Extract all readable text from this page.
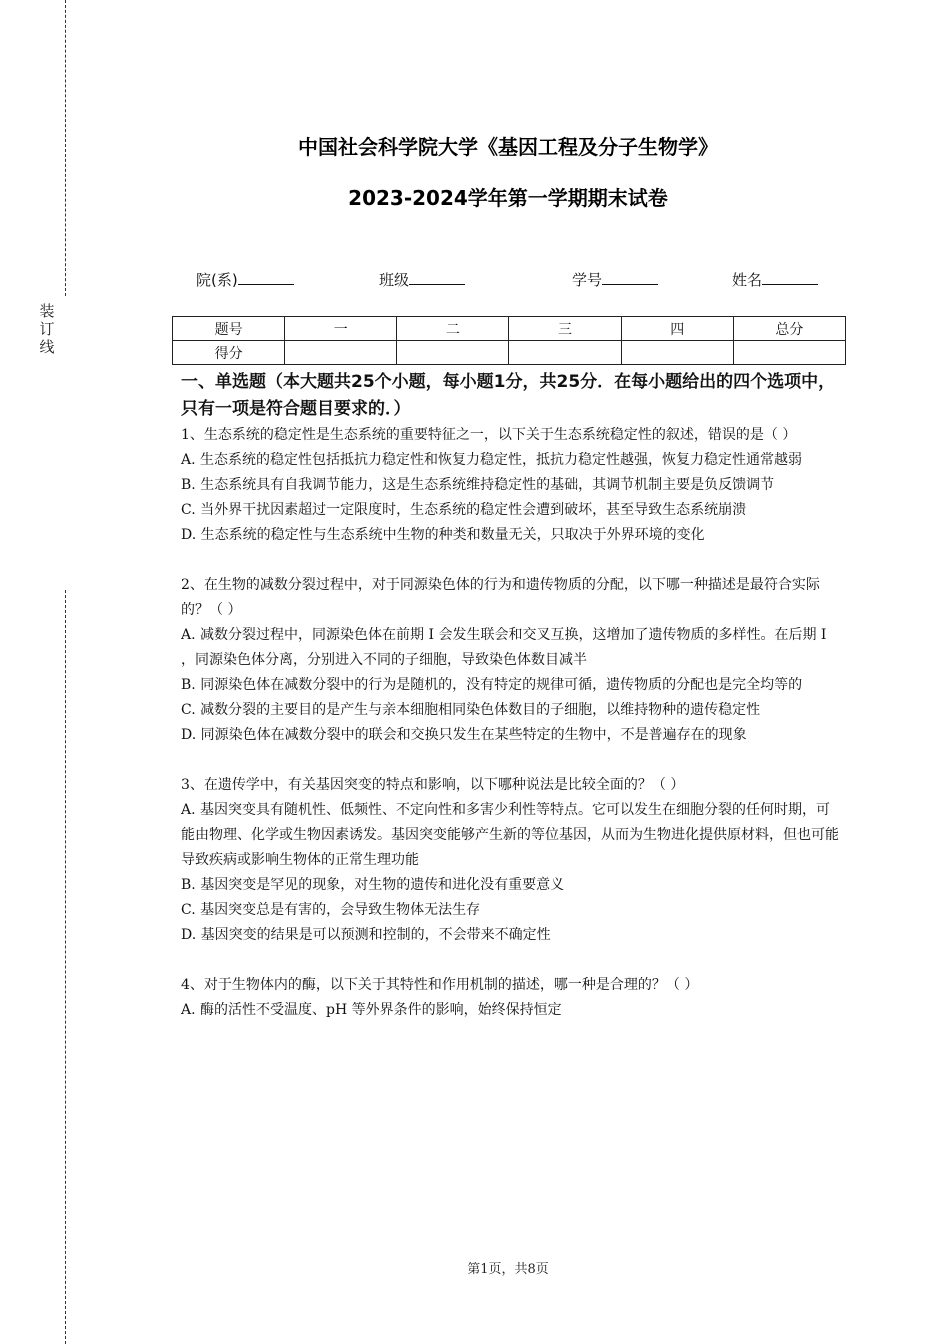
装
订
线
中国社会科学院大学《基因工程及分子生物学》
2023-2024学年第一学期期末试卷
院(系)	班级	学号	姓名
题号	一	二	三	四	总分
得分					

一、单选题（本大题共25个小题，每小题1分，共25分．在每小题给出的四个选项中，只有一项是符合题目要求的．）

1、生态系统的稳定性是生态系统的重要特征之一，以下关于生态系统稳定性的叙述，错误的是（ ）

A. 生态系统的稳定性包括抵抗力稳定性和恢复力稳定性，抵抗力稳定性越强，恢复力稳定性通常越弱

B. 生态系统具有自我调节能力，这是生态系统维持稳定性的基础，其调节机制主要是负反馈调节

C. 当外界干扰因素超过一定限度时，生态系统的稳定性会遭到破坏，甚至导致生态系统崩溃

D. 生态系统的稳定性与生态系统中生物的种类和数量无关，只取决于外界环境的变化

2、在生物的减数分裂过程中，对于同源染色体的行为和遗传物质的分配，以下哪一种描述是最符合实际的？（ ）

A. 减数分裂过程中，同源染色体在前期 I 会发生联会和交叉互换，这增加了遗传物质的多样性。在后期 I ，同源染色体分离，分别进入不同的子细胞，导致染色体数目减半

B. 同源染色体在减数分裂中的行为是随机的，没有特定的规律可循，遗传物质的分配也是完全均等的

C. 减数分裂的主要目的是产生与亲本细胞相同染色体数目的子细胞，以维持物种的遗传稳定性

D. 同源染色体在减数分裂中的联会和交换只发生在某些特定的生物中，不是普遍存在的现象

3、在遗传学中，有关基因突变的特点和影响，以下哪种说法是比较全面的？（ ）

A. 基因突变具有随机性、低频性、不定向性和多害少利性等特点。它可以发生在细胞分裂的任何时期，可能由物理、化学或生物因素诱发。基因突变能够产生新的等位基因，从而为生物进化提供原材料，但也可能导致疾病或影响生物体的正常生理功能

B. 基因突变是罕见的现象，对生物的遗传和进化没有重要意义

C. 基因突变总是有害的，会导致生物体无法生存

D. 基因突变的结果是可以预测和控制的，不会带来不确定性

4、对于生物体内的酶，以下关于其特性和作用机制的描述，哪一种是合理的？（ ）

A. 酶的活性不受温度、pH 等外界条件的影响，始终保持恒定

第1页，共8页
